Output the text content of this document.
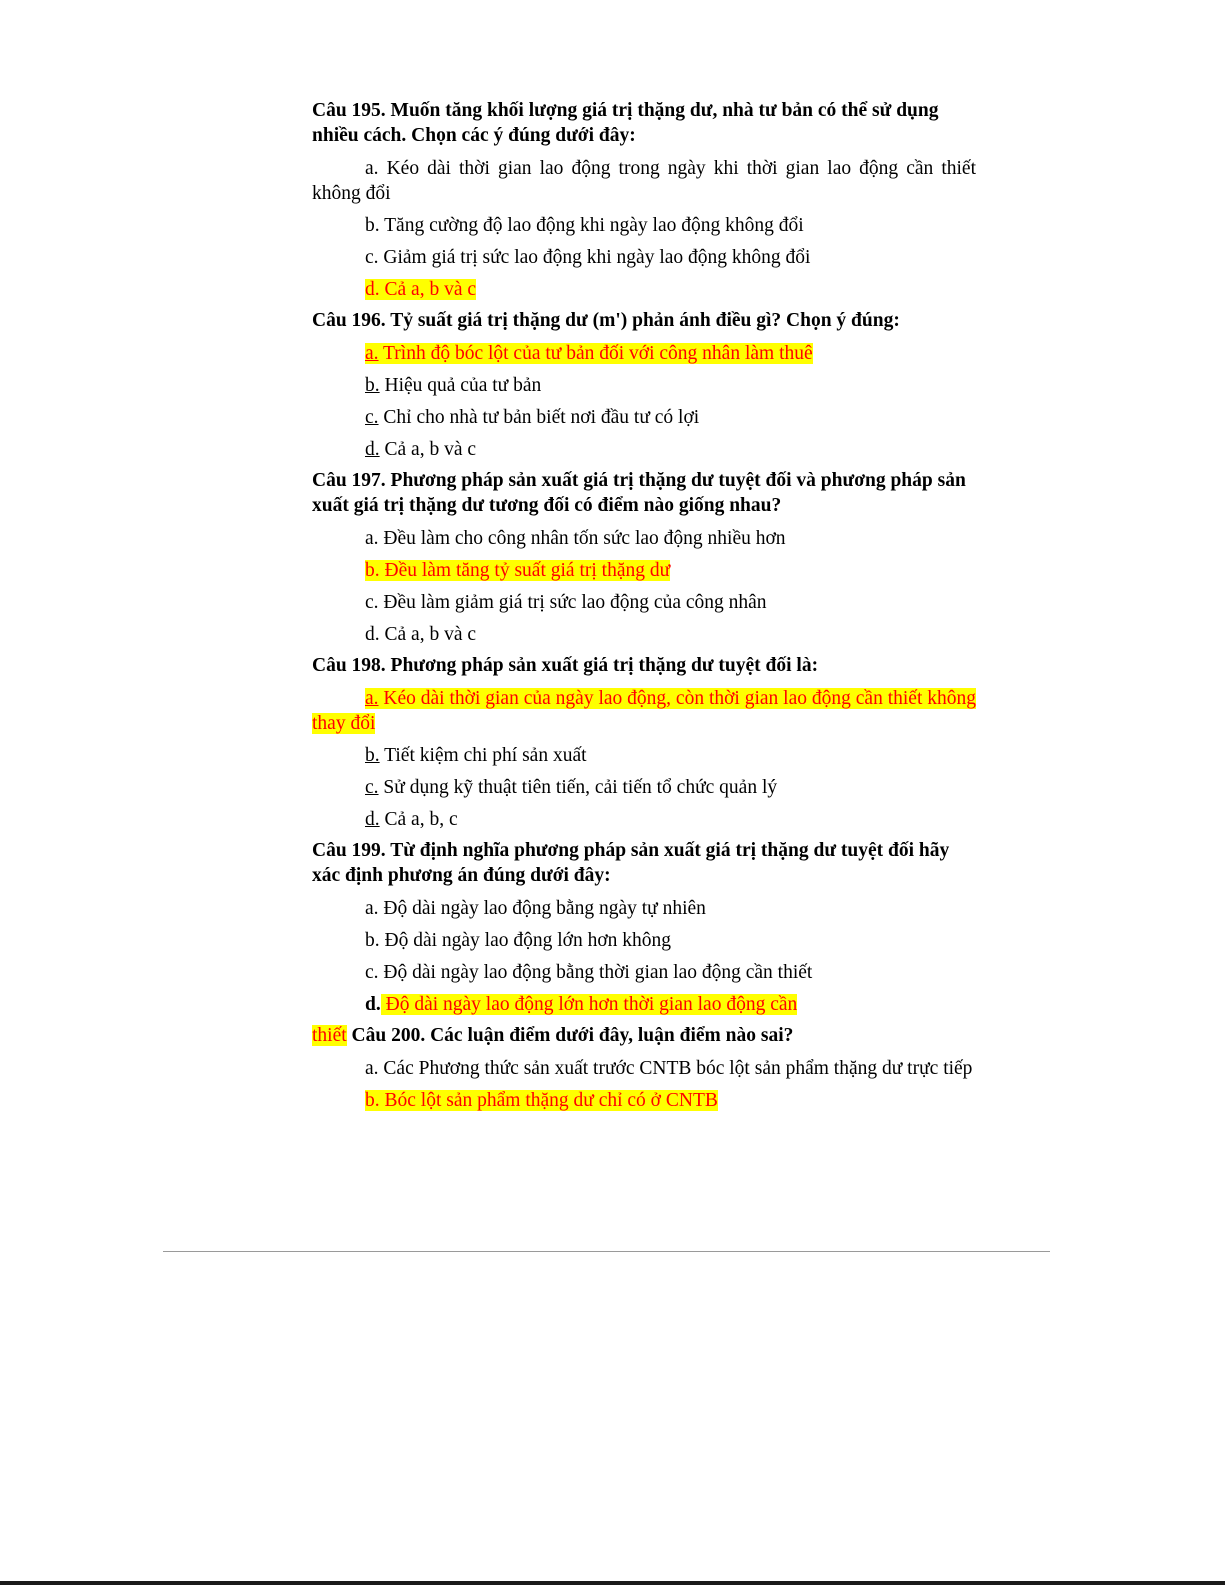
Câu 195. Muốn tăng khối lượng giá trị thặng dư, nhà tư bản có thể sử dụng nhiều cách. Chọn các ý đúng dưới đây:

a. Kéo dài thời gian lao động trong ngày khi thời gian lao động cần thiết không đổi

b. Tăng cường độ lao động khi ngày lao động không đổi

c. Giảm giá trị sức lao động khi ngày lao động không đổi

d. Cả a, b và c

Câu 196. Tỷ suất giá trị thặng dư (m') phản ánh điều gì? Chọn ý đúng:

a. Trình độ bóc lột của tư bản đối với công nhân làm thuê

b. Hiệu quả của tư bản

c. Chỉ cho nhà tư bản biết nơi đầu tư có lợi

d. Cả a, b và c

Câu 197. Phương pháp sản xuất giá trị thặng dư tuyệt đối và phương pháp sản xuất giá trị thặng dư tương đối có điểm nào giống nhau?

a. Đều làm cho công nhân tốn sức lao động nhiều hơn

b. Đều làm tăng tỷ suất giá trị thặng dư

c. Đều làm giảm giá trị sức lao động của công nhân

d. Cả a, b và c

Câu 198. Phương pháp sản xuất giá trị thặng dư tuyệt đối là:

a. Kéo dài thời gian của ngày lao động, còn thời gian lao động cần thiết không thay đổi

b. Tiết kiệm chi phí sản xuất

c. Sử dụng kỹ thuật tiên tiến, cải tiến tổ chức quản lý

d. Cả a, b, c

Câu 199. Từ định nghĩa phương pháp sản xuất giá trị thặng dư tuyệt đối hãy xác định phương án đúng dưới đây:

a. Độ dài ngày lao động bằng ngày tự nhiên

b. Độ dài ngày lao động lớn hơn không

c. Độ dài ngày lao động bằng thời gian lao động cần thiết

d. Độ dài ngày lao động lớn hơn thời gian lao động cần

thiết Câu 200. Các luận điểm dưới đây, luận điểm nào sai?

a. Các Phương thức sản xuất trước CNTB bóc lột sản phẩm thặng dư trực tiếp

b. Bóc lột sản phẩm thặng dư chỉ có ở CNTB
